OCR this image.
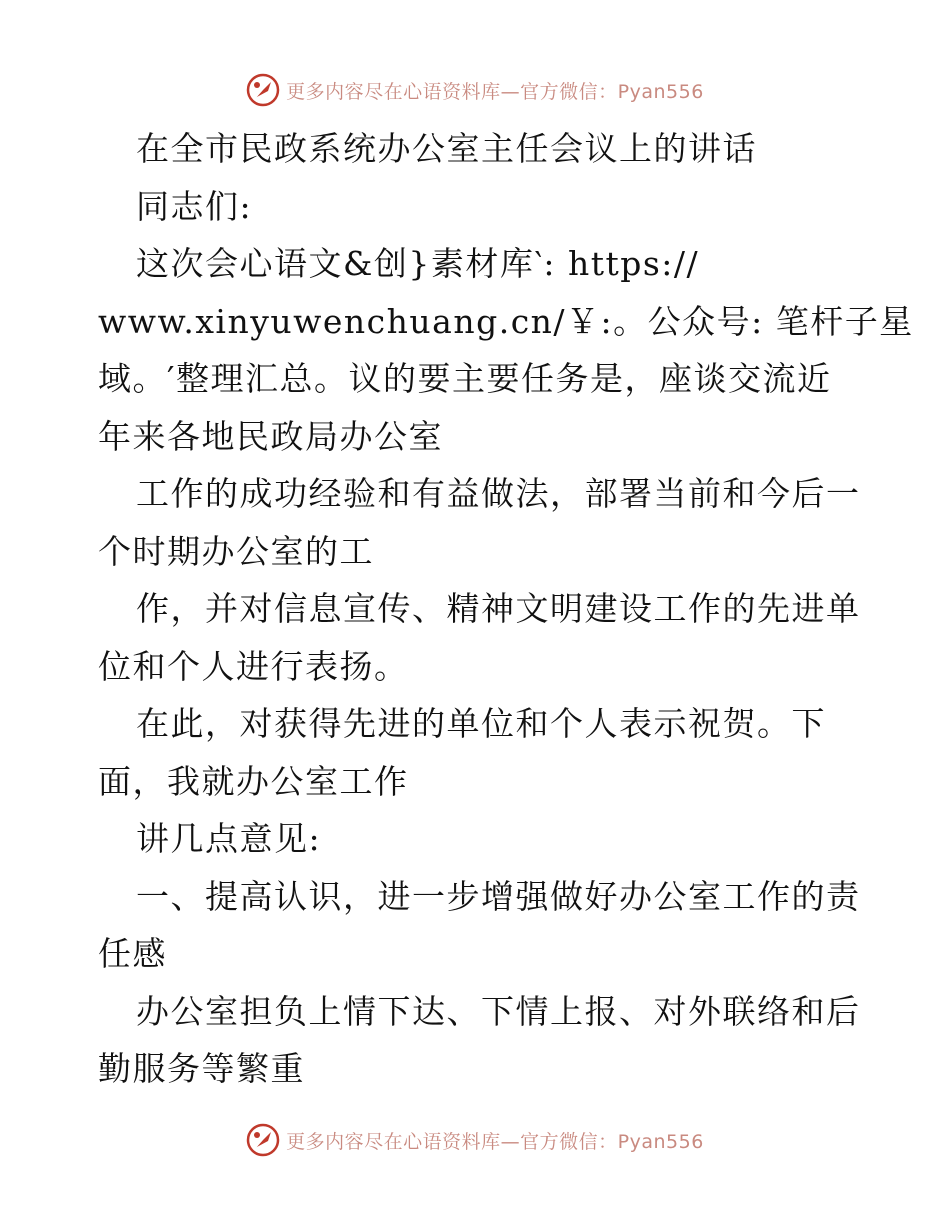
更多内容尽在心语资料库—官方微信：Pyan556
在全市民政系统办公室主任会议上的讲话
同志们:
这次会心语文&创}素材库‵: https://
www.xinyuwenchuang.cn/￥:。公众号: 笔杆子星
域。′整理汇总。议的要主要任务是，座谈交流近
年来各地民政局办公室
工作的成功经验和有益做法，部署当前和今后一
个时期办公室的工
作，并对信息宣传、精神文明建设工作的先进单
位和个人进行表扬。
在此，对获得先进的单位和个人表示祝贺。下
面，我就办公室工作
讲几点意见:
一、提高认识，进一步增强做好办公室工作的责
任感
办公室担负上情下达、下情上报、对外联络和后
勤服务等繁重
更多内容尽在心语资料库—官方微信：Pyan556
